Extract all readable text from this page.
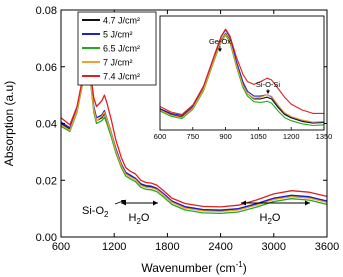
600	1200	1800	2400	3000	3600
0.00
0.02
0.04
0.06
0.08
Absorption (a.u)
Wavenumber $(cm^{-1})$
4.7 J/cm²
5 J/cm²
6.5 J/cm²
7 J/cm²
7.4 J/cm²
$Si-O_2$ $H_2O$	$H_2O$
600	750	900 1050 1200 1350
Ge-Ox
Si-O-Si
